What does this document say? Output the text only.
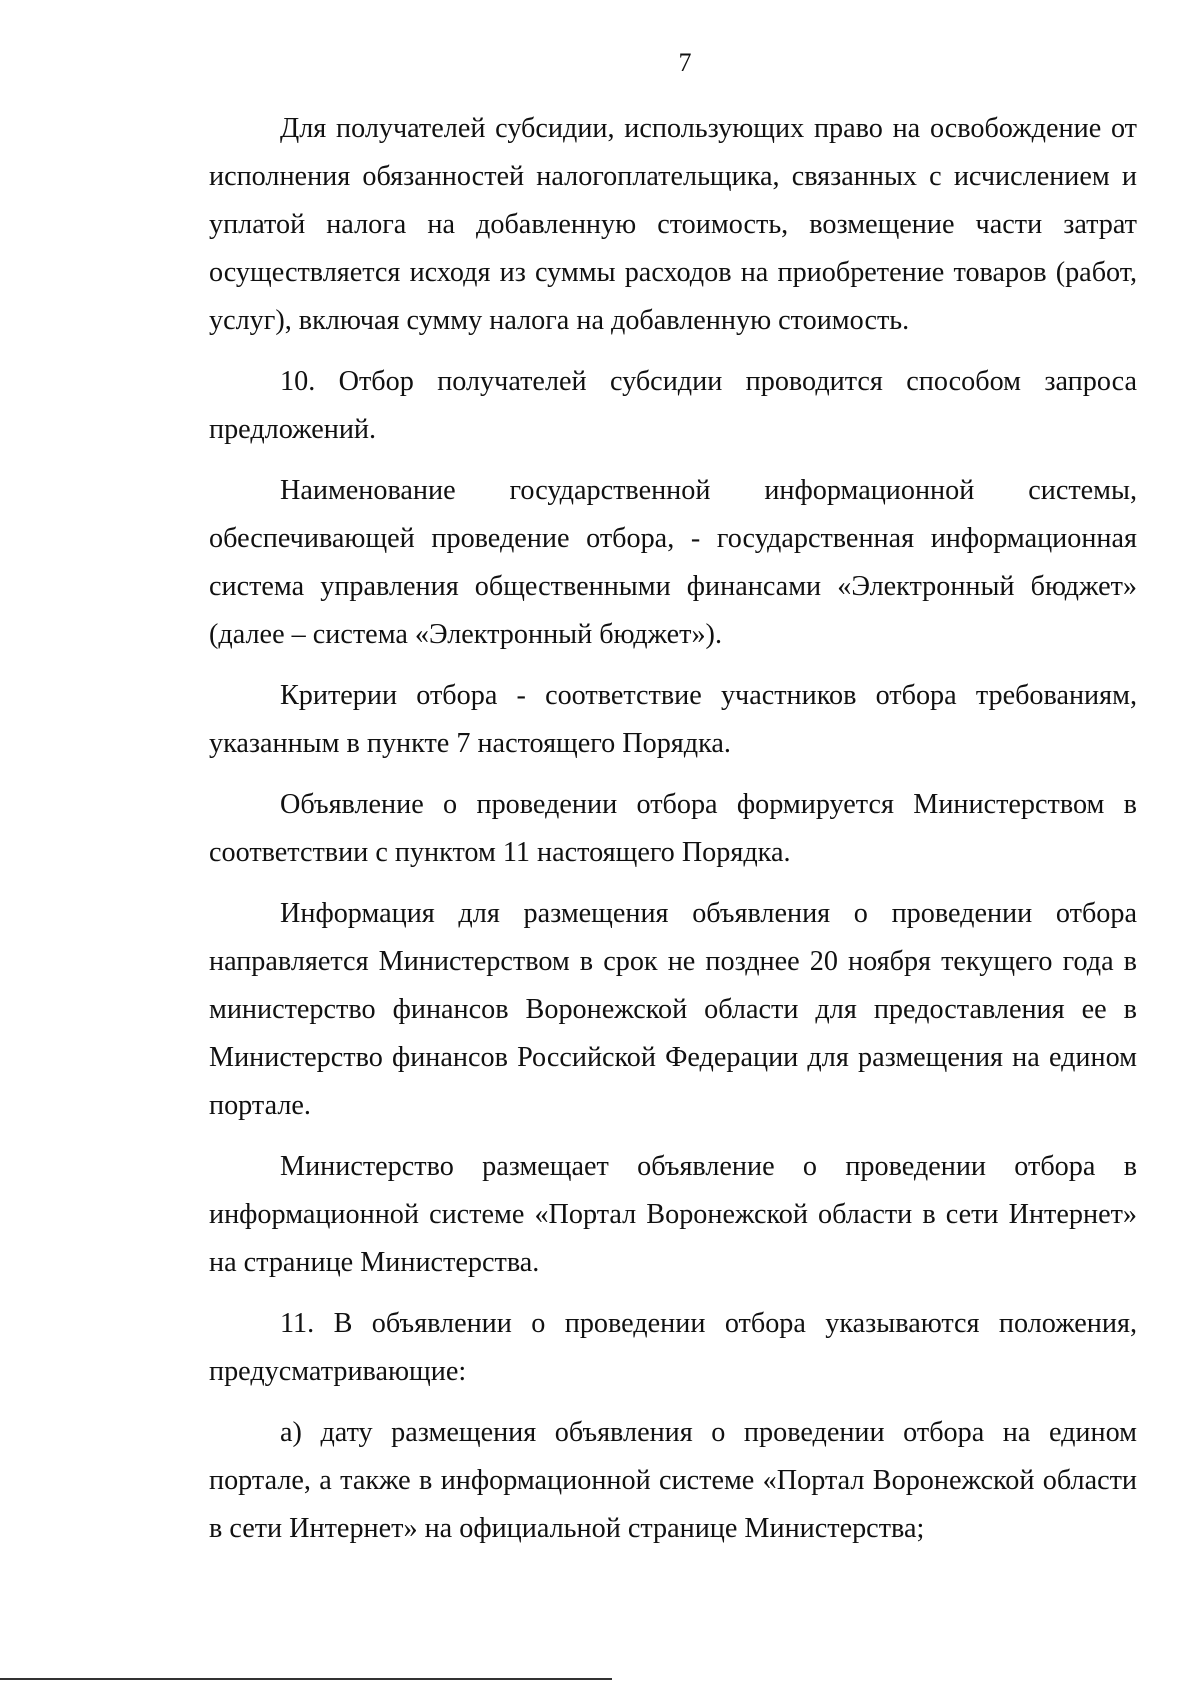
7

Для получателей субсидии, использующих право на освобождение от исполнения обязанностей налогоплательщика, связанных с исчислением и уплатой налога на добавленную стоимость, возмещение части затрат осуществляется исходя из суммы расходов на приобретение товаров (работ, услуг), включая сумму налога на добавленную стоимость.

10. Отбор получателей субсидии проводится способом запроса предложений.

Наименование государственной информационной системы, обеспечивающей проведение отбора, - государственная информационная система управления общественными финансами «Электронный бюджет» (далее – система «Электронный бюджет»).

Критерии отбора - соответствие участников отбора требованиям, указанным в пункте 7 настоящего Порядка.

Объявление о проведении отбора формируется Министерством в соответствии с пунктом 11 настоящего Порядка.

Информация для размещения объявления о проведении отбора направляется Министерством в срок не позднее 20 ноября текущего года в министерство финансов Воронежской области для предоставления ее в Министерство финансов Российской Федерации для размещения на едином портале.

Министерство размещает объявление о проведении отбора в информационной системе «Портал Воронежской области в сети Интернет» на странице Министерства.

11. В объявлении о проведении отбора указываются положения, предусматривающие:

а) дату размещения объявления о проведении отбора на едином портале, а также в информационной системе «Портал Воронежской области в сети Интернет» на официальной странице Министерства;
